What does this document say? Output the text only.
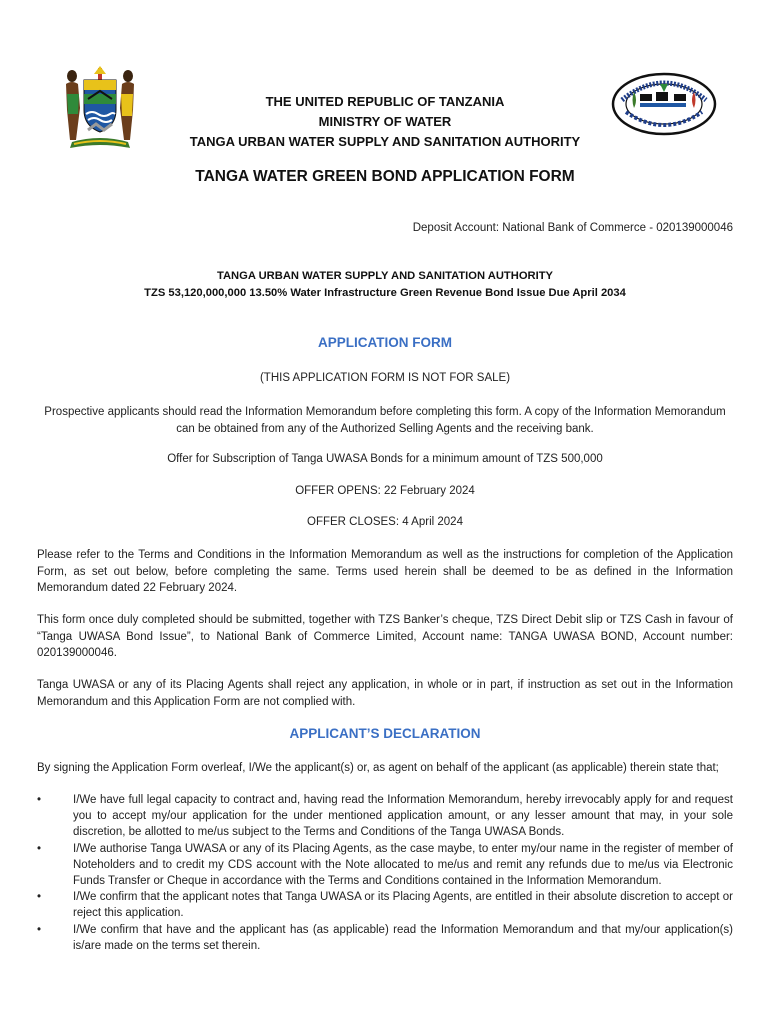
THE UNITED REPUBLIC OF TANZANIA
MINISTRY OF WATER
TANGA URBAN WATER SUPPLY AND SANITATION AUTHORITY
TANGA WATER GREEN BOND APPLICATION FORM
Deposit Account: National Bank of Commerce - 020139000046
TANGA URBAN WATER SUPPLY AND SANITATION AUTHORITY
TZS 53,120,000,000 13.50% Water Infrastructure Green Revenue Bond Issue Due April 2034
APPLICATION FORM
(THIS APPLICATION FORM IS NOT FOR SALE)
Prospective applicants should read the Information Memorandum before completing this form. A copy of the Information Memorandum can be obtained from any of the Authorized Selling Agents and the receiving bank.
Offer for Subscription of Tanga UWASA Bonds for a minimum amount of TZS 500,000
OFFER OPENS: 22 February 2024
OFFER CLOSES: 4 April 2024
Please refer to the Terms and Conditions in the Information Memorandum as well as the instructions for completion of the Application Form, as set out below, before completing the same. Terms used herein shall be deemed to be as defined in the Information Memorandum dated 22 February 2024.
This form once duly completed should be submitted, together with TZS Banker’s cheque, TZS Direct Debit slip or TZS Cash in favour of “Tanga UWASA Bond Issue”, to National Bank of Commerce Limited, Account name: TANGA UWASA BOND, Account number: 020139000046.
Tanga UWASA or any of its Placing Agents shall reject any application, in whole or in part, if instruction as set out in the Information Memorandum and this Application Form are not complied with.
APPLICANT’S DECLARATION
By signing the Application Form overleaf, I/We the applicant(s) or, as agent on behalf of the applicant (as applicable) therein state that;

•	I/We have full legal capacity to contract and, having read the Information Memorandum, hereby irrevocably apply for and request you to accept my/our application for the under mentioned application amount, or any lesser amount that may, in your sole discretion, be allotted to me/us subject to the Terms and Conditions of the Tanga UWASA Bonds.

•	I/We authorise Tanga UWASA or any of its Placing Agents, as the case maybe, to enter my/our name in the register of member of Noteholders and to credit my CDS account with the Note allocated to me/us and remit any refunds due to me/us via Electronic Funds Transfer or Cheque in accordance with the Terms and Conditions contained in the Information Memorandum.

•	I/We confirm that the applicant notes that Tanga UWASA or its Placing Agents, are entitled in their absolute discretion to accept or reject this application.

•	I/We confirm that have and the applicant has (as applicable) read the Information Memorandum and that my/our application(s) is/are made on the terms set therein.
